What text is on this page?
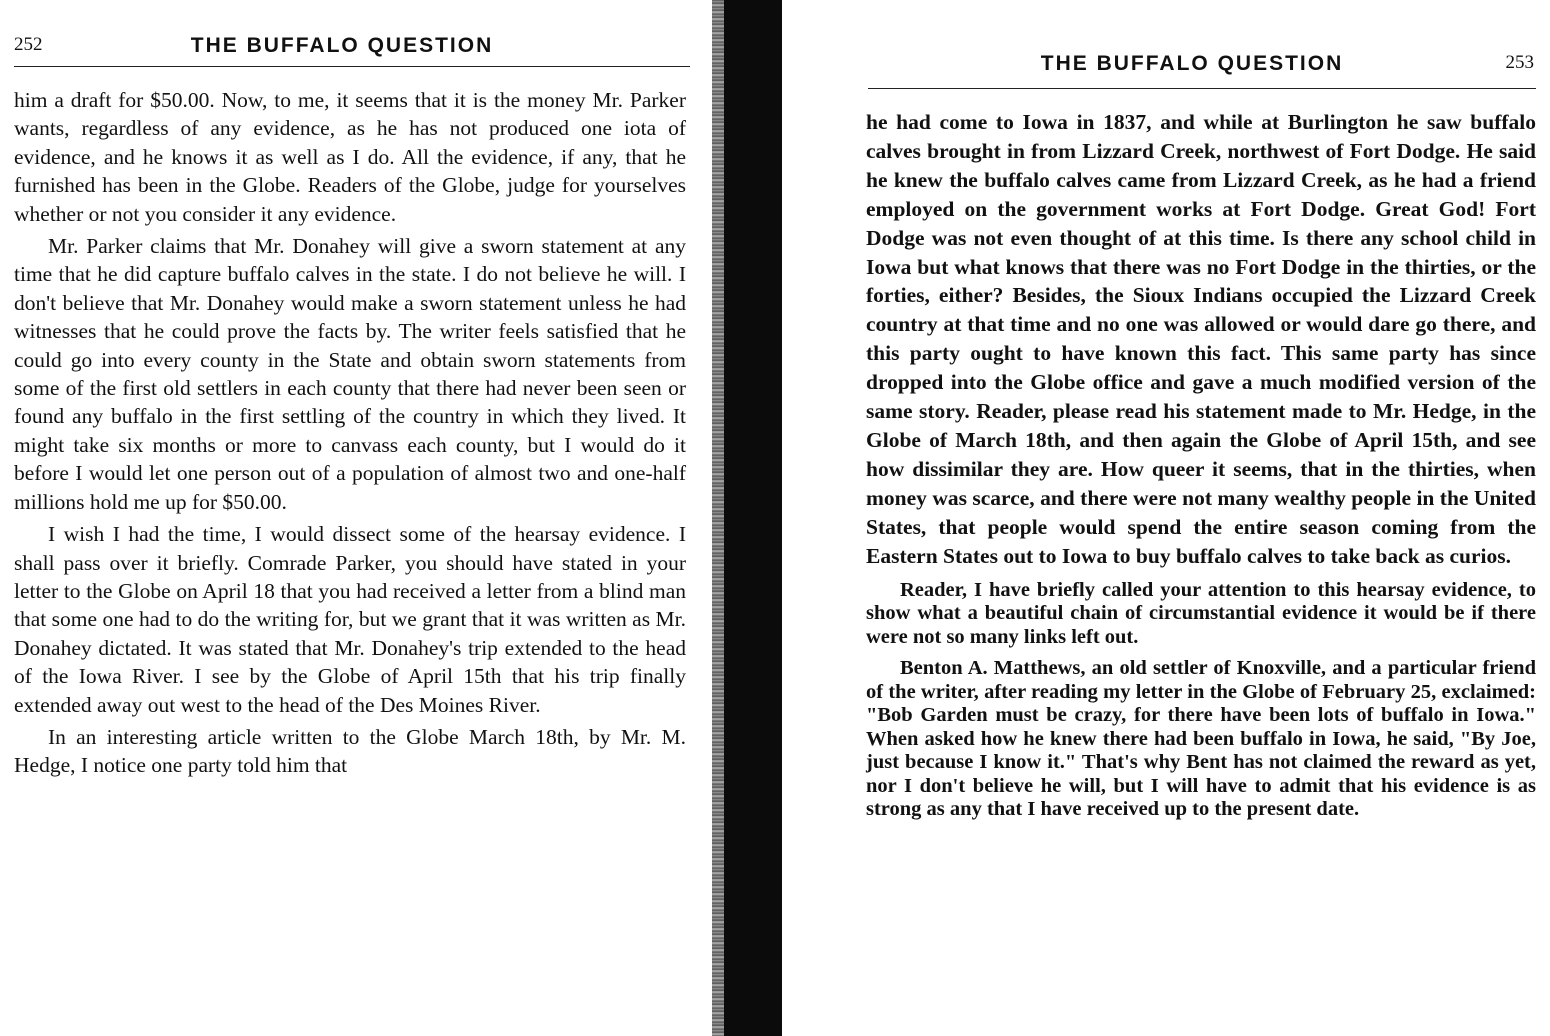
252	THE BUFFALO QUESTION

him a draft for $50.00. Now, to me, it seems that it is the money Mr. Parker wants, regardless of any evidence, as he has not produced one iota of evidence, and he knows it as well as I do. All the evidence, if any, that he furnished has been in the Globe. Readers of the Globe, judge for yourselves whether or not you consider it any evidence.

Mr. Parker claims that Mr. Donahey will give a sworn statement at any time that he did capture buffalo calves in the state. I do not believe he will. I don't believe that Mr. Donahey would make a sworn statement unless he had witnesses that he could prove the facts by. The writer feels satisfied that he could go into every county in the State and obtain sworn statements from some of the first old settlers in each county that there had never been seen or found any buffalo in the first settling of the country in which they lived. It might take six months or more to canvass each county, but I would do it before I would let one person out of a population of almost two and one-half millions hold me up for $50.00.

I wish I had the time, I would dissect some of the hearsay evidence. I shall pass over it briefly. Comrade Parker, you should have stated in your letter to the Globe on April 18 that you had received a letter from a blind man that some one had to do the writing for, but we grant that it was written as Mr. Donahey dictated. It was stated that Mr. Donahey's trip extended to the head of the Iowa River. I see by the Globe of April 15th that his trip finally extended away out west to the head of the Des Moines River.

In an interesting article written to the Globe March 18th, by Mr. M. Hedge, I notice one party told him that

THE BUFFALO QUESTION	253

he had come to Iowa in 1837, and while at Burlington he saw buffalo calves brought in from Lizzard Creek, northwest of Fort Dodge. He said he knew the buffalo calves came from Lizzard Creek, as he had a friend employed on the government works at Fort Dodge. Great God! Fort Dodge was not even thought of at this time. Is there any school child in Iowa but what knows that there was no Fort Dodge in the thirties, or the forties, either? Besides, the Sioux Indians occupied the Lizzard Creek country at that time and no one was allowed or would dare go there, and this party ought to have known this fact. This same party has since dropped into the Globe office and gave a much modified version of the same story. Reader, please read his statement made to Mr. Hedge, in the Globe of March 18th, and then again the Globe of April 15th, and see how dissimilar they are. How queer it seems, that in the thirties, when money was scarce, and there were not many wealthy people in the United States, that people would spend the entire season coming from the Eastern States out to Iowa to buy buffalo calves to take back as curios.

Reader, I have briefly called your attention to this hearsay evidence, to show what a beautiful chain of circumstantial evidence it would be if there were not so many links left out.

Benton A. Matthews, an old settler of Knoxville, and a particular friend of the writer, after reading my letter in the Globe of February 25, exclaimed: "Bob Garden must be crazy, for there have been lots of buffalo in Iowa." When asked how he knew there had been buffalo in Iowa, he said, "By Joe, just because I know it." That's why Bent has not claimed the reward as yet, nor I don't believe he will, but I will have to admit that his evidence is as strong as any that I have received up to the present date.
